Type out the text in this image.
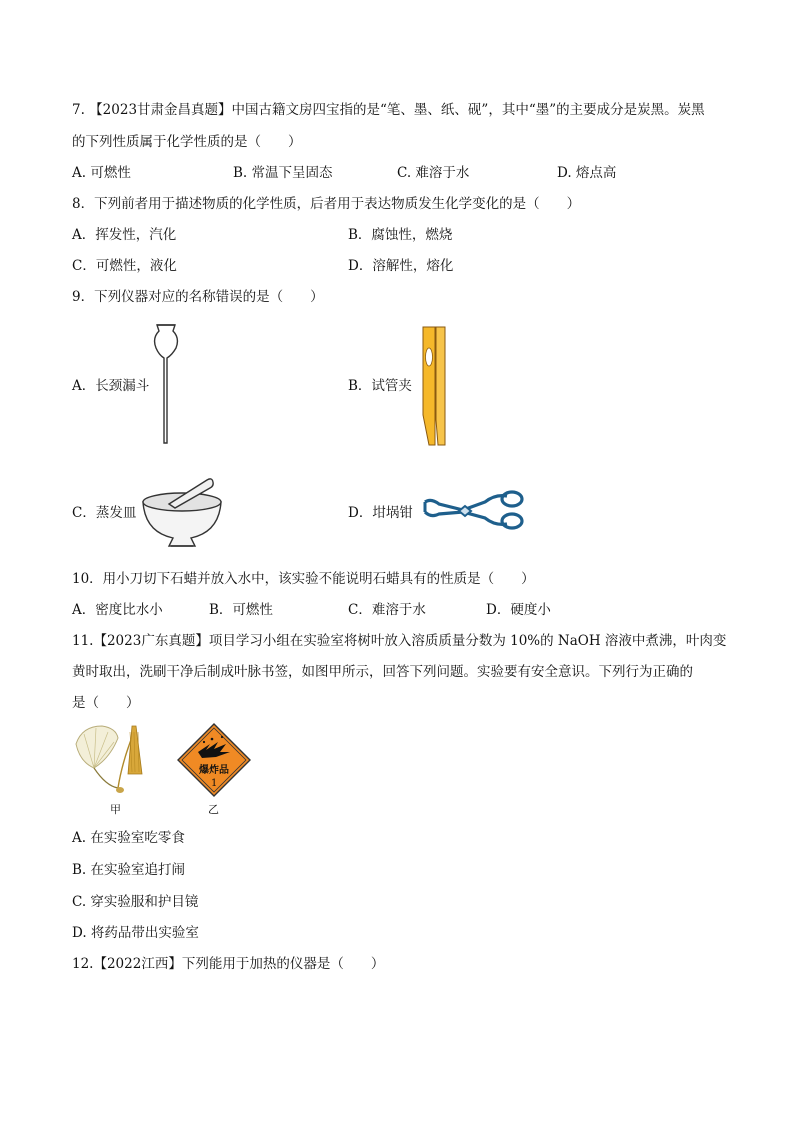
7. 【2023甘肃金昌真题】中国古籍文房四宝指的是“笔、墨、纸、砚”，其中“墨”的主要成分是炭黑。炭黑
的下列性质属于化学性质的是（　　）
A. 可燃性	B. 常温下呈固态	C. 难溶于水	D. 熔点高
8．下列前者用于描述物质的化学性质，后者用于表达物质发生化学变化的是（　　）
A．挥发性，汽化	B．腐蚀性，燃烧
C．可燃性，液化	D．溶解性，熔化
9．下列仪器对应的名称错误的是（　　）
A．长颈漏斗	B．试管夹
C．蒸发皿	D．坩埚钳
10．用小刀切下石蜡并放入水中，该实验不能说明石蜡具有的性质是（　　）
A．密度比水小	B．可燃性	C．难溶于水	D．硬度小
11.【2023广东真题】项目学习小组在实验室将树叶放入溶质质量分数为 10%的 NaOH 溶液中煮沸，叶肉变
黄时取出，洗刷干净后制成叶脉书签，如图甲所示，回答下列问题。实验要有安全意识。下列行为正确的
是（　　）
甲
爆炸品
1
乙
A. 在实验室吃零食
B. 在实验室追打闹
C. 穿实验服和护目镜
D. 将药品带出实验室
12.【2022江西】下列能用于加热的仪器是（　　）
